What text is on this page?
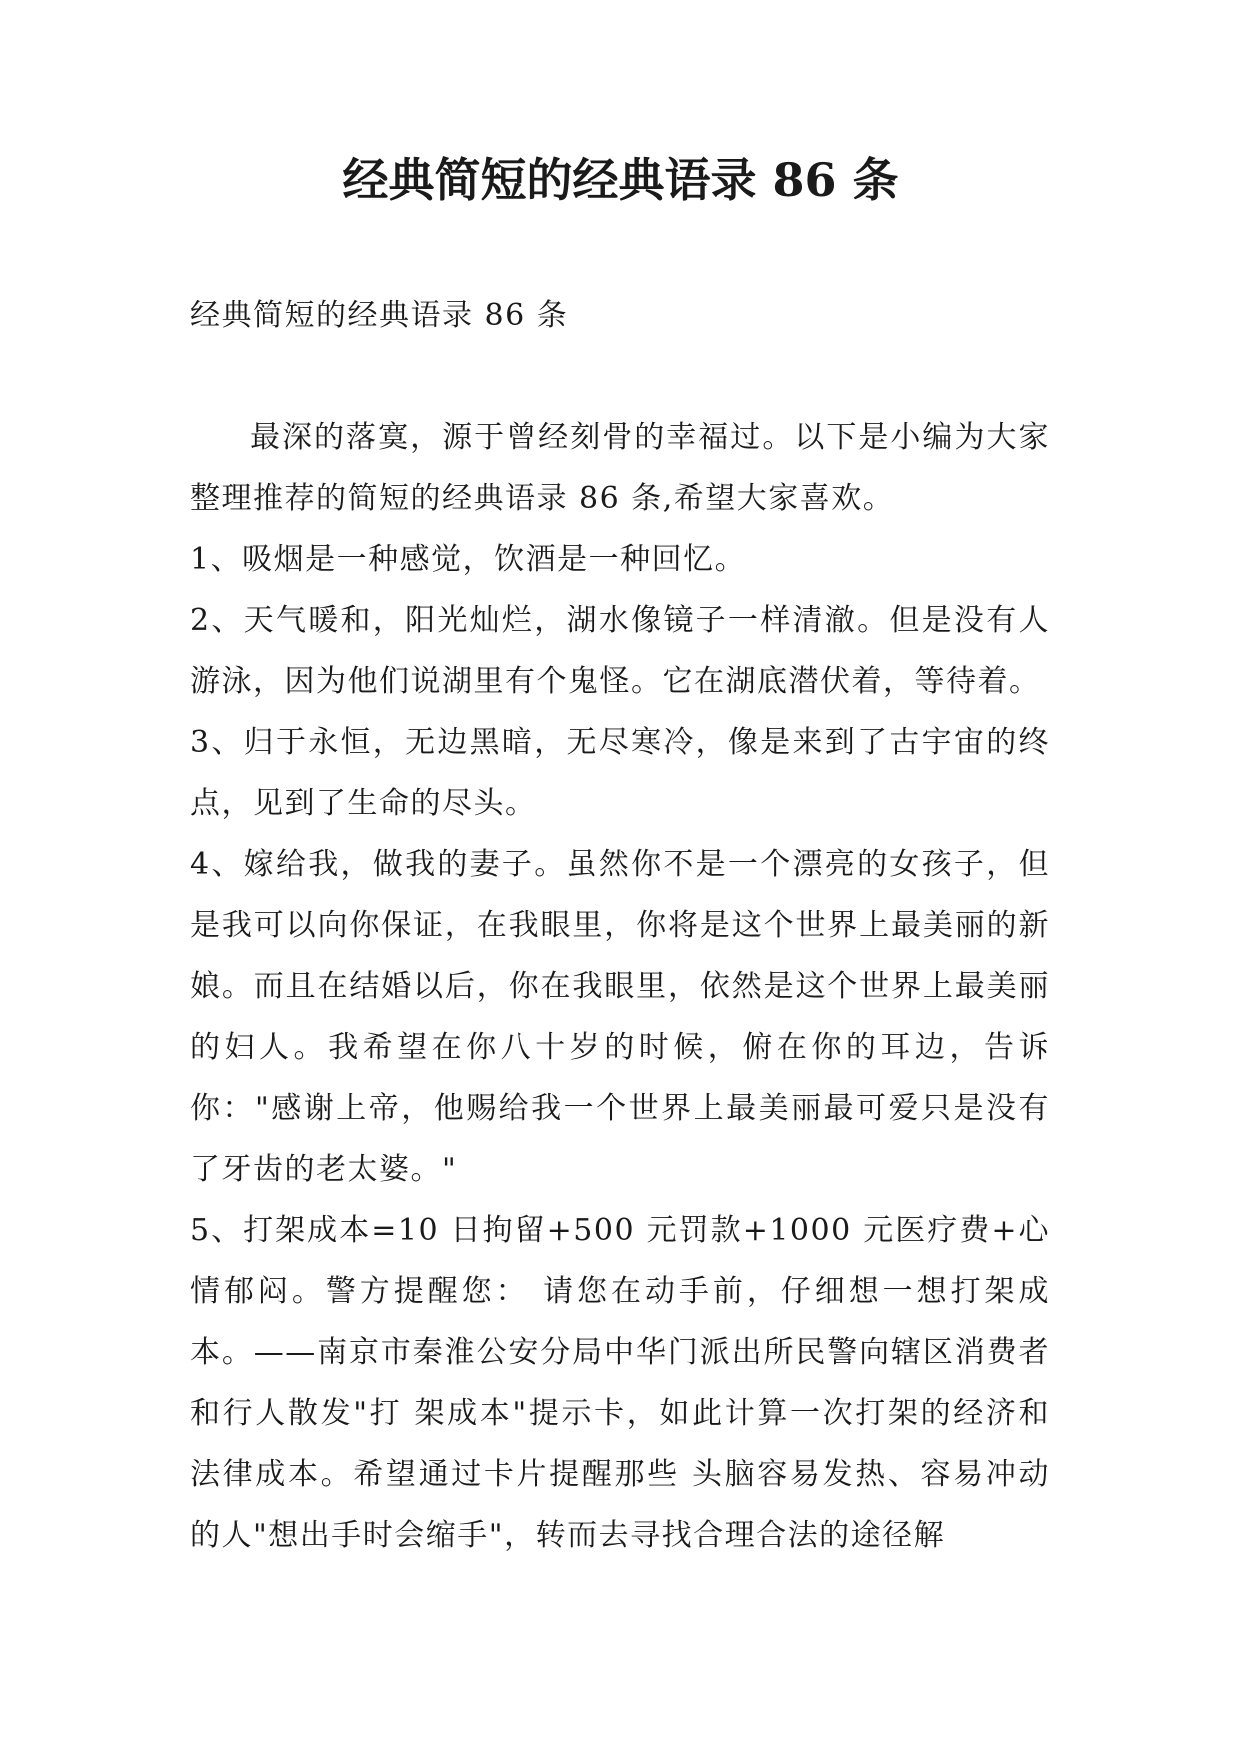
经典简短的经典语录 86 条

经典简短的经典语录 86 条

最深的落寞，源于曾经刻骨的幸福过。以下是小编为大家整理推荐的简短的经典语录 86 条,希望大家喜欢。

1、吸烟是一种感觉，饮酒是一种回忆。

2、天气暖和，阳光灿烂，湖水像镜子一样清澈。但是没有人游泳，因为他们说湖里有个鬼怪。它在湖底潜伏着，等待着。

3、归于永恒，无边黑暗，无尽寒冷，像是来到了古宇宙的终点，见到了生命的尽头。

4、嫁给我，做我的妻子。虽然你不是一个漂亮的女孩子，但是我可以向你保证，在我眼里，你将是这个世界上最美丽的新娘。而且在结婚以后，你在我眼里，依然是这个世界上最美丽的妇人。我希望在你八十岁的时候，俯在你的耳边，告诉你："感谢上帝，他赐给我一个世界上最美丽最可爱只是没有了牙齿的老太婆。"

5、打架成本=10 日拘留+500 元罚款+1000 元医疗费+心情郁闷。警方提醒您： 请您在动手前，仔细想一想打架成本。——南京市秦淮公安分局中华门派出所民警向辖区消费者和行人散发"打 架成本"提示卡，如此计算一次打架的经济和法律成本。希望通过卡片提醒那些 头脑容易发热、容易冲动的人"想出手时会缩手"，转而去寻找合理合法的途径解
